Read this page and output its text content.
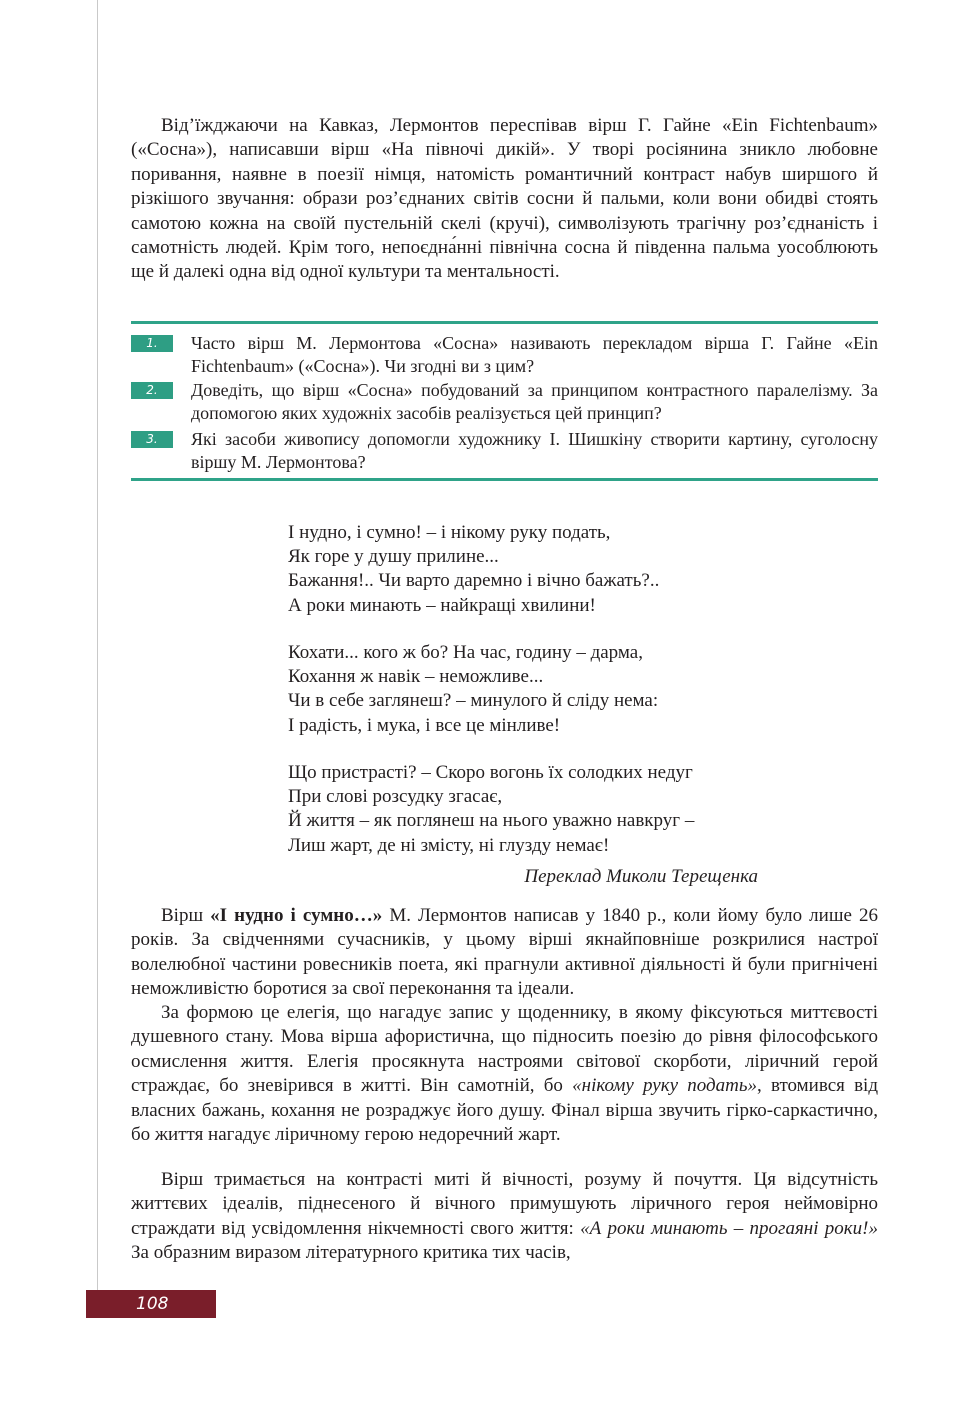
Від’їжджаючи на Кавказ, Лермонтов переспівав вірш Г. Гайне «Ein Fichtenbaum» («Сосна»), написавши вірш «На півночі дикій». У творі росіянина зникло любовне поривання, наявне в поезії німця, натомість романтичний контраст набув ширшого й різкішого звучання: образи роз’єднаних світів сосни й пальми, коли вони обидві стоять самотою кожна на своїй пустельній скелі (кручі), символізують трагічну роз’єднаність і самотність людей. Крім того, непоєдна́нні північна сосна й південна пальма уособлюють ще й далекі одна від одної культури та ментальності.

1.	Часто вірш М. Лермонтова «Сосна» називають перекладом вірша Г. Гайне «Ein Fichtenbaum» («Сосна»). Чи згодні ви з цим?

2.	Доведіть, що вірш «Сосна» побудований за принципом контрастного паралелізму. За допомогою яких художніх засобів реалізується цей принцип?

3.	Які засоби живопису допомогли художнику І. Шишкіну створити картину, суголосну віршу М. Лермонтова?

І нудно, і сумно! – і нікому руку подать,
Як горе у душу прилине...
Бажання!.. Чи варто даремно і вічно бажать?..
А роки минають – найкращі хвилини!
Кохати... кого ж бо? На час, годину – дарма,
Кохання ж навік – неможливе...
Чи в себе заглянеш? – минулого й сліду нема:
І радість, і мука, і все це мінливе!
Що пристрасті? – Скоро вогонь їх солодких недуг
При слові розсудку згасає,
Й життя – як поглянеш на нього уважно навкруг –
Лиш жарт, де ні змісту, ні глузду немає!
Переклад Миколи Терещенка

Вірш «І нудно і сумно…» М. Лермонтов написав у 1840 р., коли йому було лише 26 років. За свідченнями сучасників, у цьому вірші якнайповніше розкрилися настрої волелюбної частини ровесників поета, які прагнули активної діяльності й були пригнічені неможливістю боротися за свої переконання та ідеали.

За формою це елегія, що нагадує запис у щоденнику, в якому фіксуються миттєвості душевного стану. Мова вірша афористична, що підносить поезію до рівня філософського осмислення життя. Елегія просякнута настроями світової скорботи, ліричний герой страждає, бо зневірився в житті. Він самотній, бо «нікому руку подать», втомився від власних бажань, кохання не розраджує його душу. Фінал вірша звучить гірко-саркастично, бо життя нагадує ліричному герою недоречний жарт.

Вірш тримається на контрасті миті й вічності, розуму й почуття. Ця відсутність життєвих ідеалів, піднесеного й вічного примушують ліричного героя неймовірно страждати від усвідомлення нікчемності свого життя: «А роки минають – прогаяні роки!» За образним виразом літературного критика тих часів,

108
